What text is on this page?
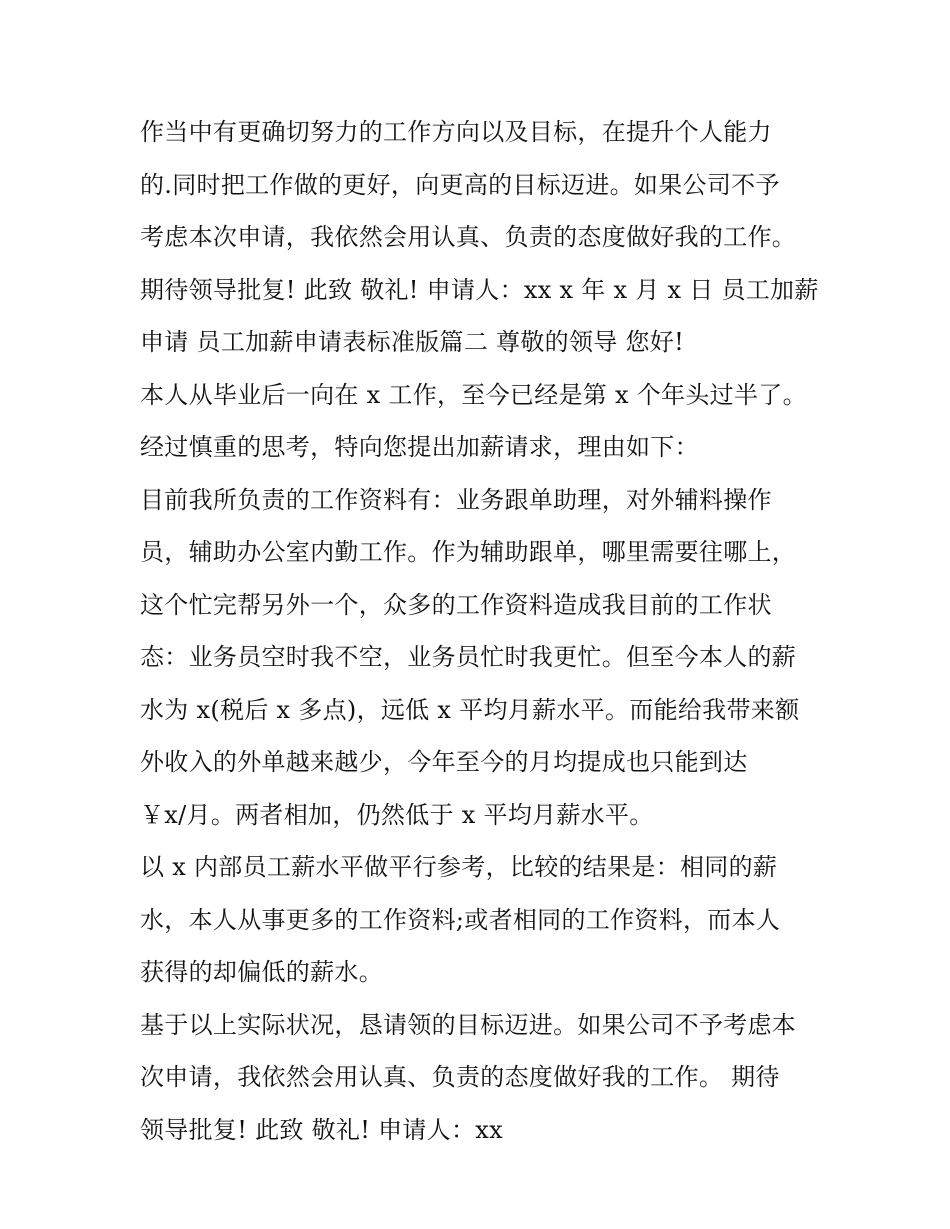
作当中有更确切努力的工作方向以及目标，在提升个人能力
的.同时把工作做的更好，向更高的目标迈进。如果公司不予
考虑本次申请，我依然会用认真、负责的态度做好我的工作。
期待领导批复! 此致 敬礼! 申请人：xx x 年 x 月 x 日 员工加薪
申请 员工加薪申请表标准版篇二 尊敬的领导 您好!
本人从毕业后一向在 x 工作，至今已经是第 x 个年头过半了。
经过慎重的思考，特向您提出加薪请求，理由如下：
目前我所负责的工作资料有：业务跟单助理，对外辅料操作
员，辅助办公室内勤工作。作为辅助跟单，哪里需要往哪上，
这个忙完帮另外一个，众多的工作资料造成我目前的工作状
态：业务员空时我不空，业务员忙时我更忙。但至今本人的薪
水为 x(税后 x 多点)，远低 x 平均月薪水平。而能给我带来额
外收入的外单越来越少，今年至今的月均提成也只能到达
￥x/月。两者相加，仍然低于 x 平均月薪水平。
以 x 内部员工薪水平做平行参考，比较的结果是：相同的薪
水，本人从事更多的工作资料;或者相同的工作资料，而本人
获得的却偏低的薪水。
基于以上实际状况，恳请领的目标迈进。如果公司不予考虑本
次申请，我依然会用认真、负责的态度做好我的工作。 期待
领导批复! 此致 敬礼! 申请人：xx
